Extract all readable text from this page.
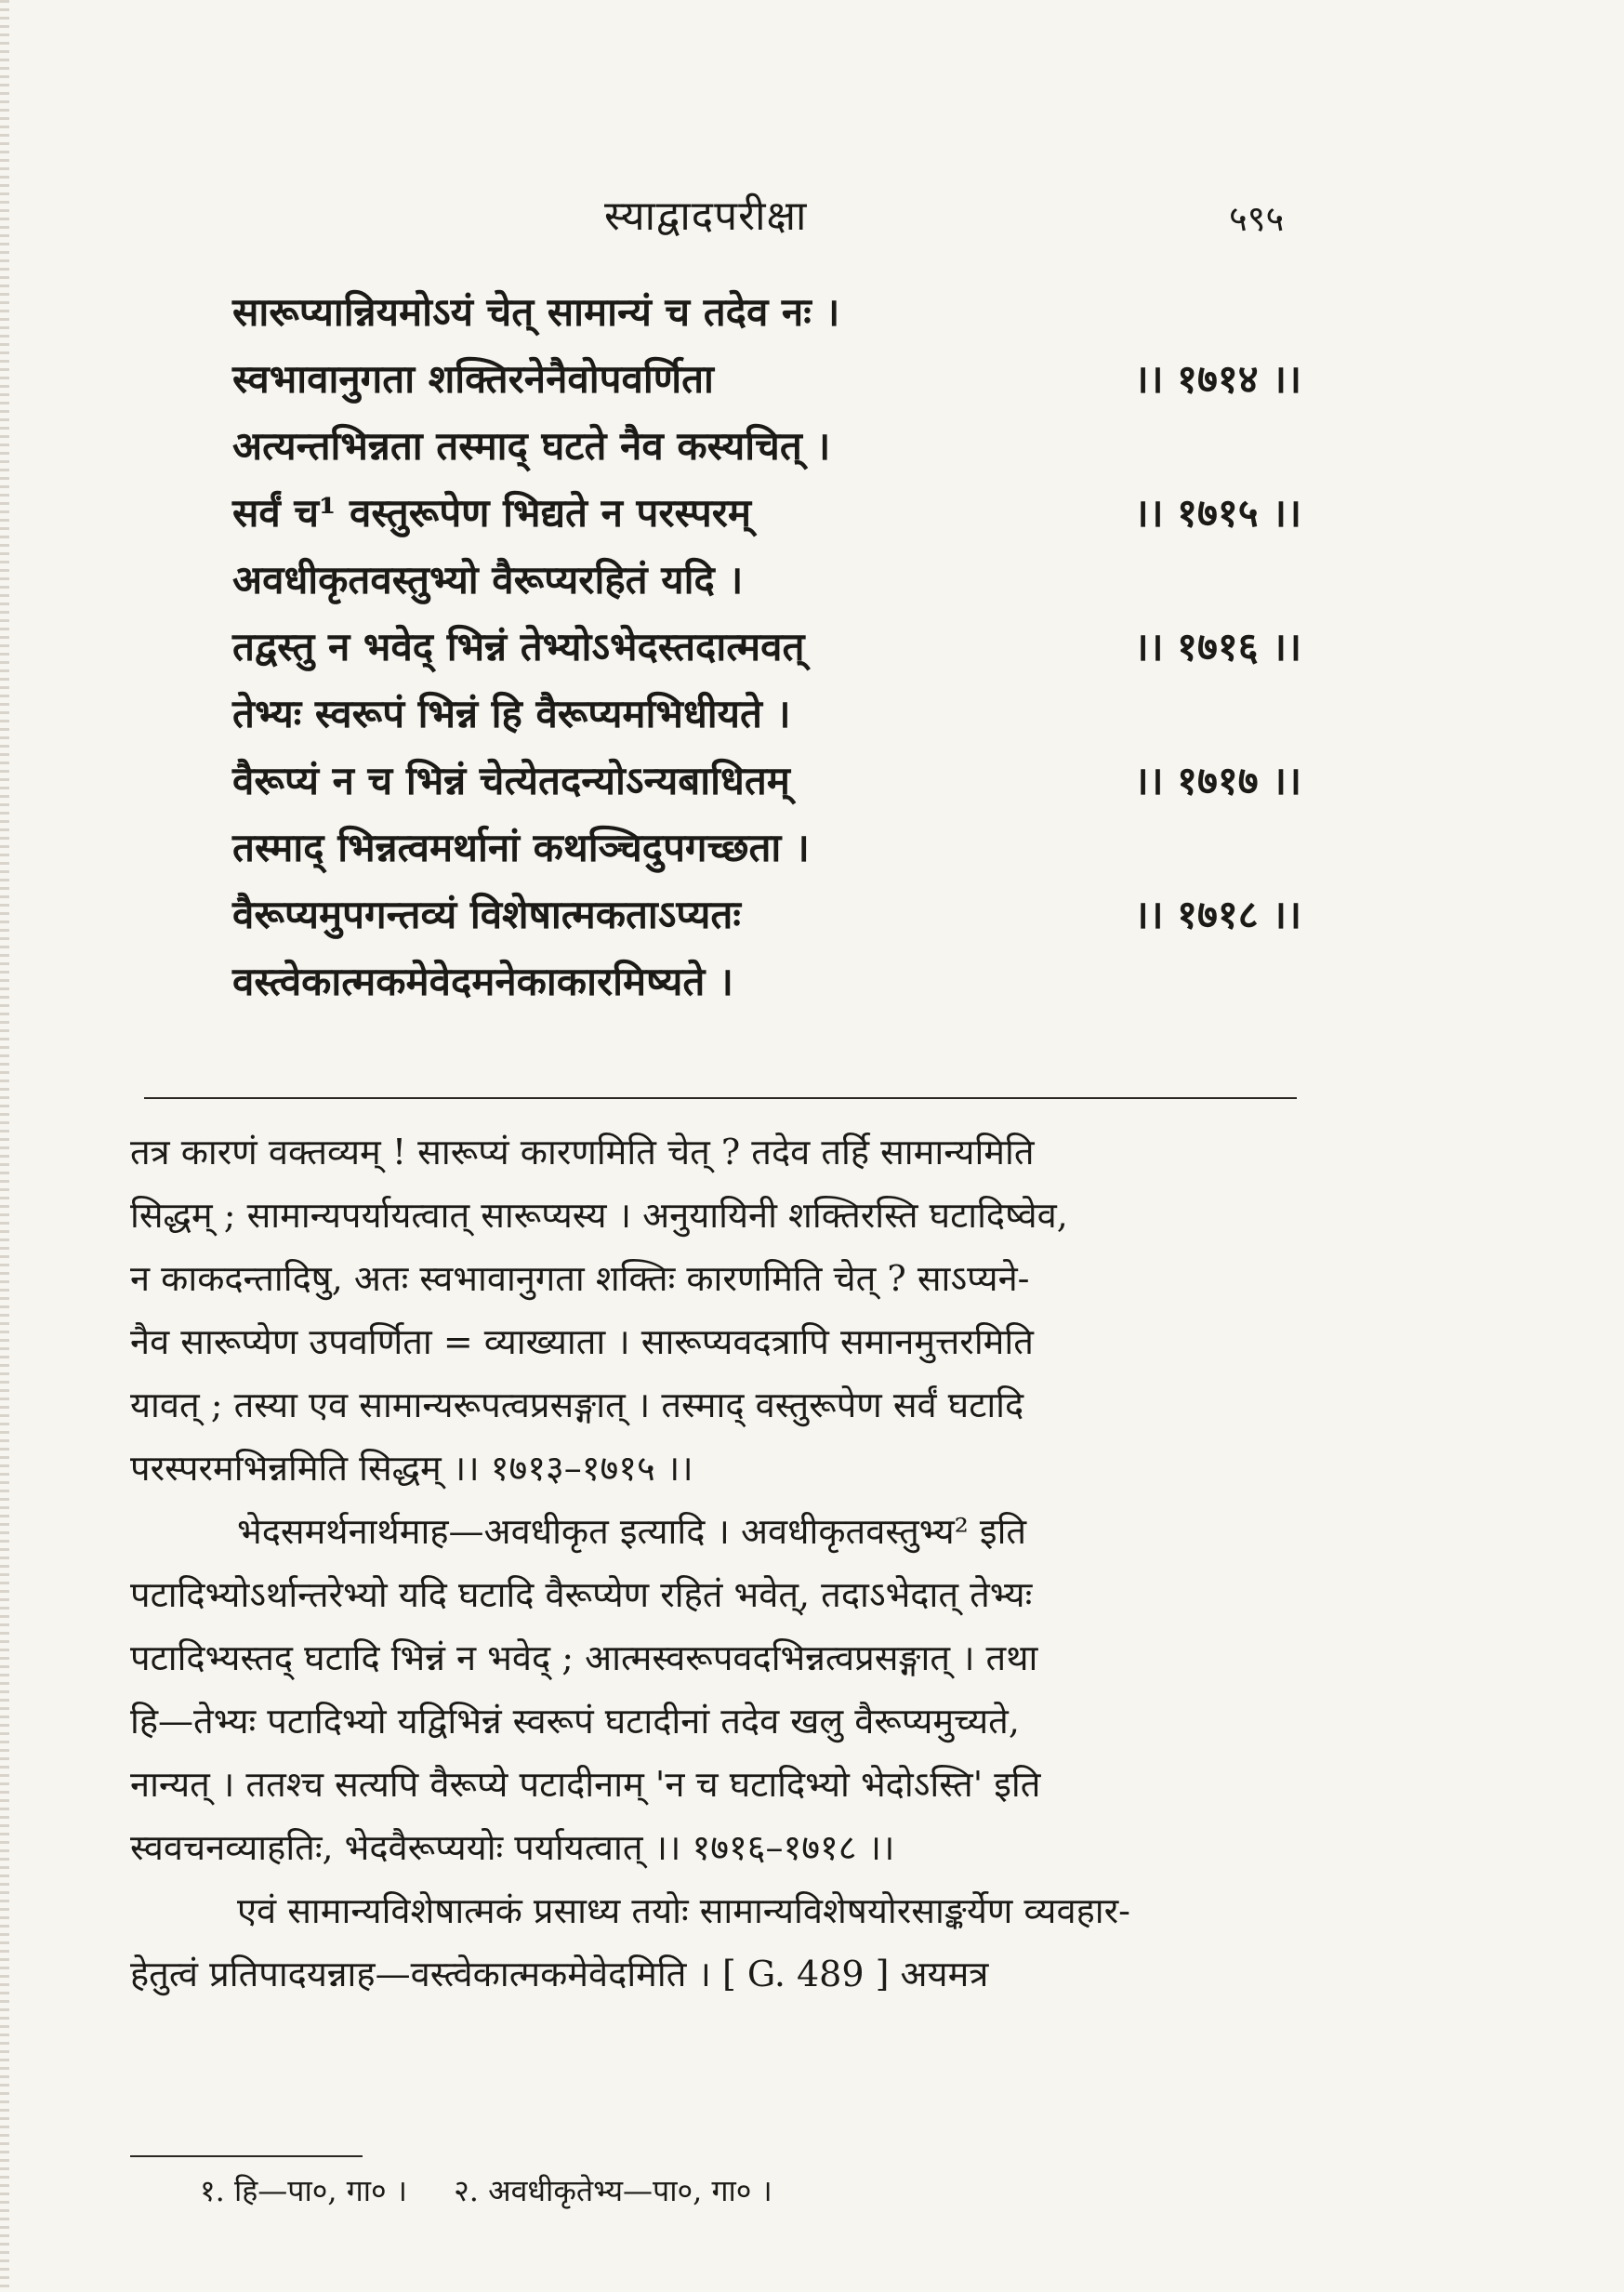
स्याद्वादपरीक्षा	५९५
सारूप्यान्नियमोऽयं चेत् सामान्यं च तदेव नः ।
स्वभावानुगता शक्तिरनेनैवोपवर्णिता	।। १७१४ ।।
अत्यन्तभिन्नता तस्माद् घटते नैव कस्यचित् ।
सर्वं च¹ वस्तुरूपेण भिद्यते न परस्परम्	।। १७१५ ।।
अवधीकृतवस्तुभ्यो वैरूप्यरहितं यदि ।
तद्वस्तु न भवेद् भिन्नं तेभ्योऽभेदस्तदात्मवत्	।। १७१६ ।।
तेभ्यः स्वरूपं भिन्नं हि वैरूप्यमभिधीयते ।
वैरूप्यं न च भिन्नं चेत्येतदन्योऽन्यबाधितम्	।। १७१७ ।।
तस्माद् भिन्नत्वमर्थानां कथञ्चिदुपगच्छता ।
वैरूप्यमुपगन्तव्यं विशेषात्मकताऽप्यतः	।। १७१८ ।।
वस्त्वेकात्मकमेवेदमनेकाकारमिष्यते ।

तत्र कारणं वक्तव्यम् ! सारूप्यं कारणमिति चेत् ? तदेव तर्हि सामान्यमिति
सिद्धम् ; सामान्यपर्यायत्वात् सारूप्यस्य । अनुयायिनी शक्तिरस्ति घटादिष्वेव,
न काकदन्तादिषु, अतः स्वभावानुगता शक्तिः कारणमिति चेत् ? साऽप्यने-
नैव सारूप्येण उपवर्णिता = व्याख्याता । सारूप्यवदत्रापि समानमुत्तरमिति
यावत् ; तस्या एव सामान्यरूपत्वप्रसङ्गात् । तस्माद् वस्तुरूपेण सर्वं घटादि
परस्परमभिन्नमिति सिद्धम् ।। १७१३–१७१५ ।।

भेदसमर्थनार्थमाह—अवधीकृत इत्यादि । अवधीकृतवस्तुभ्य² इति
पटादिभ्योऽर्थान्तरेभ्यो यदि घटादि वैरूप्येण रहितं भवेत्, तदाऽभेदात् तेभ्यः
पटादिभ्यस्तद् घटादि भिन्नं न भवेद् ; आत्मस्वरूपवदभिन्नत्वप्रसङ्गात् । तथा
हि—तेभ्यः पटादिभ्यो यद्विभिन्नं स्वरूपं घटादीनां तदेव खलु वैरूप्यमुच्यते,
नान्यत् । ततश्च सत्यपि वैरूप्ये पटादीनाम् 'न च घटादिभ्यो भेदोऽस्ति' इति
स्ववचनव्याहतिः, भेदवैरूप्ययोः पर्यायत्वात् ।। १७१६–१७१८ ।।

एवं सामान्यविशेषात्मकं प्रसाध्य तयोः सामान्यविशेषयोरसाङ्कर्येण व्यवहार-
हेतुत्वं प्रतिपादयन्नाह—वस्त्वेकात्मकमेवेदमिति । [ G. 489 ] अयमत्र

१. हि—पा०, गा० । २. अवधीकृतेभ्य—पा०, गा० ।
